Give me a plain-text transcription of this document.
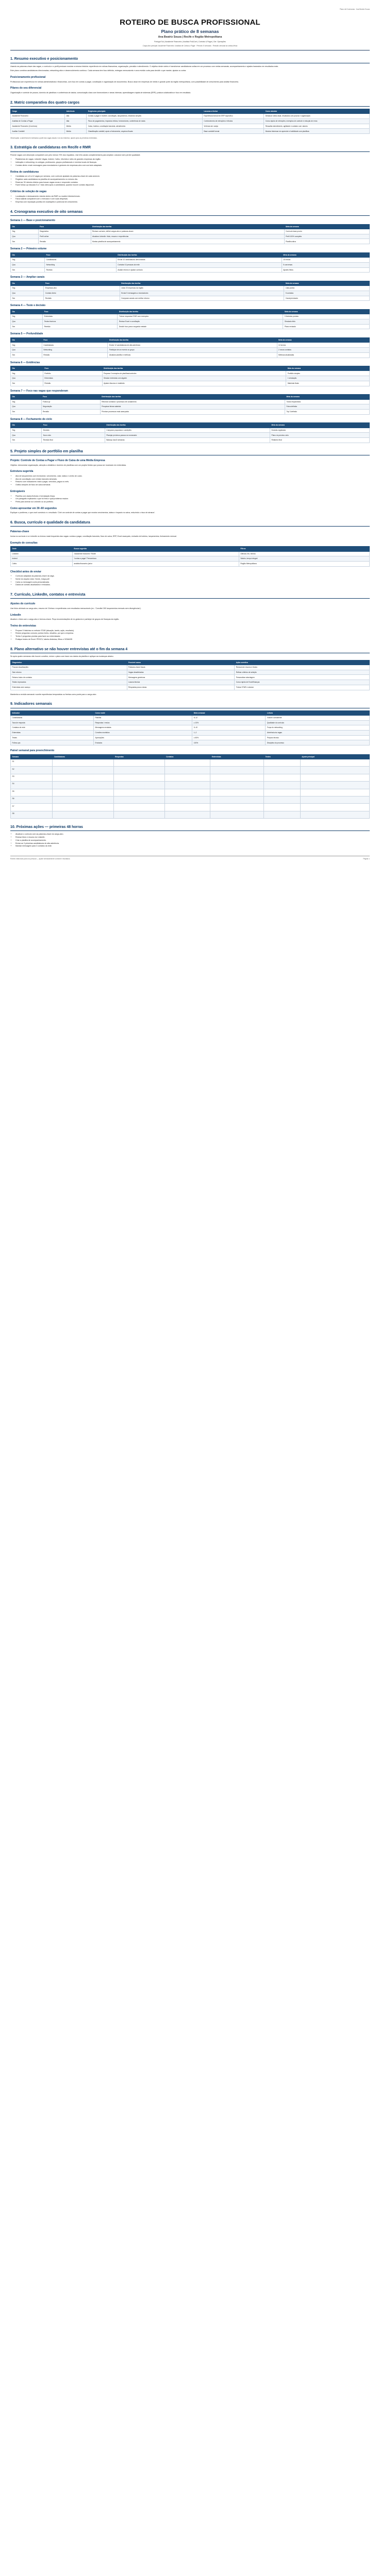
Plano de 8 semanas · Ana Beatriz Souza
ROTEIRO DE BUSCA PROFISSIONAL
Plano prático de 8 semanas
Ana Beatriz Souza | Recife e Região Metropolitana
Portugal Sul | Assistente Financeiro | Analista Fin&Cont | Contrato & Pagar | Ger. Operações
Cargo-alvo principal: Assistente Financeira / Analista de Contas a Pagar · Período: 8 semanas · Revisão semanal às sextas-feiras
1. Resumo executivo e posicionamento

Usando as palavras-chave das vagas, o currículo e o perfil precisam mostrar a mesma história: experiência em rotinas financeiras, organização, precisão e atendimento. O objetivo deste roteiro é transformar candidaturas soltas em um processo com metas semanais, acompanhamento e ajustes baseados em resultados reais.

Este plano combina candidaturas direcionadas, networking ativo e desenvolvimento contínuo. Cada semana tem foco definido, entregas mensuráveis e uma revisão curta para decidir o que manter, ajustar ou cortar.

Posicionamento profissional

Profissional com experiência em rotinas administrativas e financeiras, com foco em contas a pagar, conciliação e organização de documentos. Busco atuar em empresas de médio e grande porte da região metropolitana, com possibilidade de crescimento para análise financeira.

Pilares do seu diferencial

Organização e controle de prazos; domínio de planilhas e conferência de dados; comunicação clara com fornecedores e áreas internas; aprendizagem rápida de sistemas (ERP); postura colaborativa e foco em resultado.

2. Matriz comparativa dos quatro cargos
Cargo	Aderência	Exigências principais	Lacunas a fechar	Como abordar
Assistente Financeiro	Alta	Contas a pagar e receber, conciliação, lançamentos, relatórios simples	Experiência formal em ERP específico	Destacar rotina atual, resultados com prazos e organização
Analista de Contas a Pagar	Alta	Fluxo de pagamentos, impostos retidos, fornecedores, conferência de notas	Conhecimento de retenções e tributos	Curso rápido de retenções; exemplos de controle e redução de erros
Assistente Financeiro (Comércio)	Média	Caixa, boletos, conciliação bancária, atendimento	Vivência em varejo	Ressaltar atendimento, agilidade e cuidado com valores
Auxiliar Contábil	Média	Classificação contábil, apoio a fechamento, arquivos fiscais	Base contábil formal	Mostrar interesse em aprender e habilidade com planilhas

Observação: a aderência foi estimada a partir das vagas atuais e do seu histórico; ajuste após as primeiras entrevistas.

3. Estratégia de candidaturas em Recife e RMR

Priorize vagas com descrição compatível com pelo menos 70% dos requisitos. Use três canais complementares para ampliar o alcance sem perder qualidade.

• Plataformas de vagas: LinkedIn Vagas, Indeed, Catho, InfoJobs e sites de grandes empresas da região.
• Indicação e networking: ex-colegas, professores, grupos profissionais e eventos locais de finanças.
• Contato direto: envie mensagem para recrutadores e gestores de empresas-alvo com currículo adaptado.
Rotina de candidaturas
• Candidatar-se a 8 a 12 vagas por semana, com currículo ajustado às palavras-chave de cada anúncio.
• Registrar cada candidatura na planilha de acompanhamento no mesmo dia.
• Reservar 30 minutos diários para buscar vagas novas e responder contatos.
• Fazer follow-up educado 5 a 7 dias úteis após a candidatura, quando houver contato disponível.
Critérios de seleção de vagas
• Localização e deslocamento viáveis dentro da RMR ou modelo híbrido/remoto.
• Faixa salarial compatível com o mercado e com suas despesas.
• Empresa com reputação positiva em avaliações e potencial de crescimento.
4. Cronograma executivo de oito semanas
Semana 1 — Base e posicionamento
Dia	Foco	Distribuição das tarefas	Meta da semana
Seg	Diagnóstico	Revisar currículo, definir cargos-alvo e palavras-chave	Currículo base pronto
Qua	Perfil online	Atualizar LinkedIn: título, resumo e experiências	Perfil 100% completo
Sex	Revisão	Montar planilha de acompanhamento	Planilha ativa
Semana 2 — Primeiro volume
Dia	Foco	Distribuição das tarefas	Meta da semana
Seg	Candidaturas	Enviar 10 candidaturas direcionadas	10 envios
Qua	Networking	Contatar 10 pessoas da rede	5 conversas
Sex	Revisão	Avaliar retorno e ajustar currículo	Ajustes feitos
Semana 3 — Ampliar canais
Dia	Foco	Distribuição das tarefas	Meta da semana
Seg	Empresas-alvo	Listar 20 empresas da região	Lista pronta
Qua	Contato direto	Enviar 5 mensagens a recrutadores	5 contatos
Sex	Revisão	Comparar canais com melhor retorno	Canal priorizado
Semana 4 — Teste e decisão
Dia	Foco	Distribuição das tarefas	Meta da semana
Seg	Entrevistas	Treinar respostas STAR com exemplos	5 histórias prontas
Qua	Testes técnicos	Revisar Excel e conciliação	Simulado feito
Sex	Revisão	Decidir foco para a segunda metade	Plano revisado
Semana 5 — Profundidade
Dia	Foco	Distribuição das tarefas	Meta da semana
Seg	Candidaturas	Enviar 12 candidaturas de alta aderência	12 envios
Qua	Networking	Participar de um evento ou grupo	2 novos contatos
Sex	Revisão	Atualizar planilha e métricas	Métricas atualizadas
Semana 6 — Evidências
Dia	Foco	Distribuição das tarefas	Meta da semana
Seg	Portfólio	Preparar 2 exemplos de planilhas/controles	Portfólio simples
Qua	Entrevistas	Simular entrevista com alguém	1 simulação
Sex	Revisão	Ajustar discurso e materiais	Materiais finais
Semana 7 — Foco nas vagas que responderam
Dia	Foco	Distribuição das tarefas	Meta da semana
Seg	Follow-up	Retomar contatos e processos em andamento	Todos respondidos
Qua	Negociação	Pesquisar faixas salariais	Faixa definida
Sex	Revisão	Priorizar processos mais avançados	Top 3 definido
Semana 8 — Fechamento do ciclo
Dia	Foco	Distribuição das tarefas	Meta da semana
Seg	Decisão	Comparar propostas e condições	Decisão registrada
Qua	Novo ciclo	Planejar próximos passos se necessário	Plano do próximo ciclo
Sex	Revisão final	Balanço das 8 semanas	Relatório final
5. Projeto simples de portfólio em planilha
Projeto: Controle de Contas a Pagar e Fluxo de Caixa de uma Média Empresa

Objetivo: demonstrar organização, atenção a detalhes e domínio de planilhas com um projeto fictício que possa ser mostrado em entrevistas.

Estrutura sugerida
• Aba de lançamentos com fornecedor, vencimento, valor, status e centro de custo.
• Aba de conciliação com extrato bancário simulado.
• Resumo com indicadores: total a pagar, vencidos, pagos no mês.
• Gráfico simples de fluxo de caixa semanal.
Entregáveis
• Planilha com dados fictícios e formatação limpa.
• Um parágrafo explicando o que foi feito e qual problema resolve.
• Prints para anexar ao LinkedIn ou ao portfólio.
Como apresentar em 30–60 segundos

Explique o problema, o que você construiu e o resultado: 'Criei um controle de contas a pagar que mostra vencimentos, status e impacto no caixa, reduzindo o risco de atrasos'.

6. Busca, currículo e qualidade da candidatura
Palavras-chave

Inclua no currículo e no LinkedIn os termos mais frequentes das vagas: contas a pagar, conciliação bancária, fluxo de caixa, ERP, Excel avançado, emissão de boletos, lançamentos, fechamento mensal.

Exemplo de consultas
Onde	Busca sugerida	Filtros
LinkedIn	"assistente financeiro" Recife	Últimas 24h, híbrido
Indeed	"contas a pagar" Pernambuco	Salário, tempo integral
Catho	analista financeiro júnior	Região Metropolitana
Checklist antes de enviar
• Currículo adaptado às palavras-chave da vaga.
• Nome do arquivo claro: Nome_Cargo.pdf.
• Carta ou mensagem curta personalizada.
• Dados de contato atualizados e revisados.
7. Currículo, LinkedIn, contatos e entrevista
Ajustes do currículo

Use título alinhado ao cargo-alvo, resumo de 3 linhas e experiências com resultados mensuráveis (ex.: 'Conciliei 300 lançamentos mensais sem divergências').

LinkedIn

Atualize o título com o cargo-alvo e termos-chave. Peça recomendações de ex-gestores e participe de grupos de finanças da região.

Treino de entrevistas
• Prepare 5 histórias no método STAR (situação, tarefa, ação, resultado).
• Revise perguntas comuns: pontos fortes, desafios, por que a empresa.
• Tenha 3 perguntas prontas para fazer ao entrevistador.
• Pratique testes de Excel: PROCV, tabela dinâmica, filtros e SOMASE.
8. Plano alternativo se não houver entrevistas até o fim da semana 4

Se após quatro semanas não houver convites, revise o plano com base nos dados da planilha e aplique as mudanças abaixo.

Diagnóstico	Possível causa	Ação corretiva
Poucas visualizações	Palavras-chave fracas	Reescrever resumo e títulos
Sem retorno	Vagas desalinhadas	Refinar critérios de seleção
Retorno baixo de contatos	Mensagens genéricas	Personalizar abordagem
Testes reprovados	Lacuna técnica	Curso rápido de Excel/finanças
Entrevistas sem avanço	Respostas pouco claras	Treinar STAR e simular

Mantenha a revisão semanal e aceite experiências temporárias ou freelas como ponte para o cargo-alvo.

9. Indicadores semanais
Indicador	Como medir	Meta semanal	Leitura
Candidaturas	Planilha	8–12	Volume consistente
Taxa de resposta	Respostas / envios	≥ 10%	Qualidade do currículo
Contatos de rede	Mensagens enviadas	5–10	Força do networking
Entrevistas	Convites recebidos	1–2	Aderência às vagas
Testes	Aprovações	≥ 60%	Preparo técnico
Follow-ups	Enviados	100%	Disciplina do processo
Painel semanal para preenchimento
Semana	Candidaturas	Respostas	Contatos	Entrevistas	Testes	Ajuste principal
S1						
S2						
S3						
S4						
S5						
S6						
S7						
S8						
10. Próximas ações — primeiras 48 horras
• Atualizar o currículo com as palavras-chave do cargo-alvo.
• Revisar título e resumo do LinkedIn.
• Criar a planilha de acompanhamento.
• Enviar as 3 primeiras candidaturas de alta aderência.
• Mandar mensagem para 3 contatos da rede.
Roteiro elaborado para uso pessoal — ajuste semanalmente conforme resultados.	Página 1
